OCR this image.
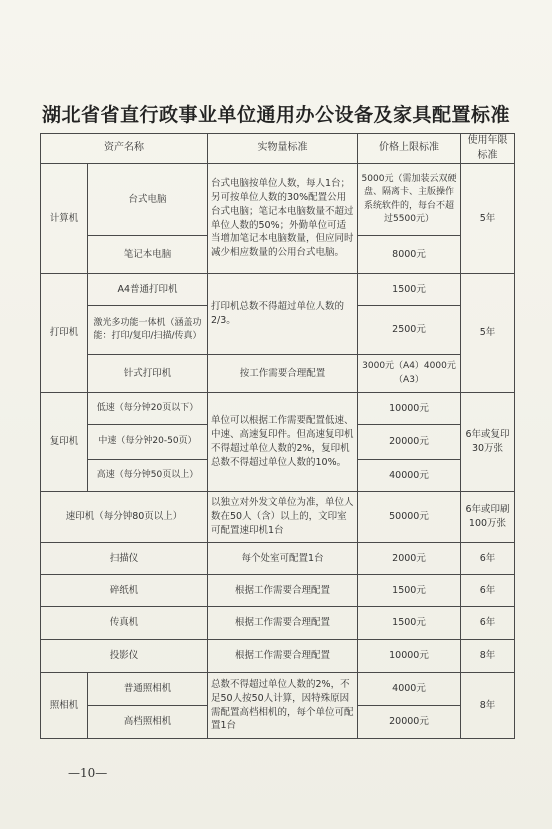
湖北省省直行政事业单位通用办公设备及家具配置标准
资产名称		实物量标准	价格上限标准	使用年限标准
计算机	台式电脑	台式电脑按单位人数，每人1台；另可按单位人数的30%配置公用台式电脑；笔记本电脑数量不超过单位人数的50%；外勤单位可适当增加笔记本电脑数量，但应同时减少相应数量的公用台式电脑。	5000元（需加装云双硬盘、隔离卡、主版操作系统软件的，每台不超过5500元）	5年
	笔记本电脑		8000元	
打印机	A4普通打印机	打印机总数不得超过单位人数的2/3。	1500元	5年
	激光多功能一体机（涵盖功能：打印/复印/扫描/传真）		2500元	
	针式打印机	按工作需要合理配置	3000元（A4）4000元（A3）	
复印机	低速（每分钟20页以下）	单位可以根据工作需要配置低速、中速、高速复印件。但高速复印机不得超过单位人数的2%，复印机总数不得超过单位人数的10%。	10000元	6年或复印30万张
	中速（每分钟20-50页）		20000元	
	高速（每分钟50页以上）		40000元	
速印机（每分钟80页以上）		以独立对外发文单位为准，单位人数在50人（含）以上的，文印室可配置速印机1台	50000元	6年或印刷100万张
扫描仪		每个处室可配置1台	2000元	6年
碎纸机		根据工作需要合理配置	1500元	6年
传真机		根据工作需要合理配置	1500元	6年
投影仪		根据工作需要合理配置	10000元	8年
照相机	普通照相机	总数不得超过单位人数的2%，不足50人按50人计算，因特殊原因需配置高档相机的，每个单位可配置1台	4000元	8年
	高档照相机		20000元	
—10—
